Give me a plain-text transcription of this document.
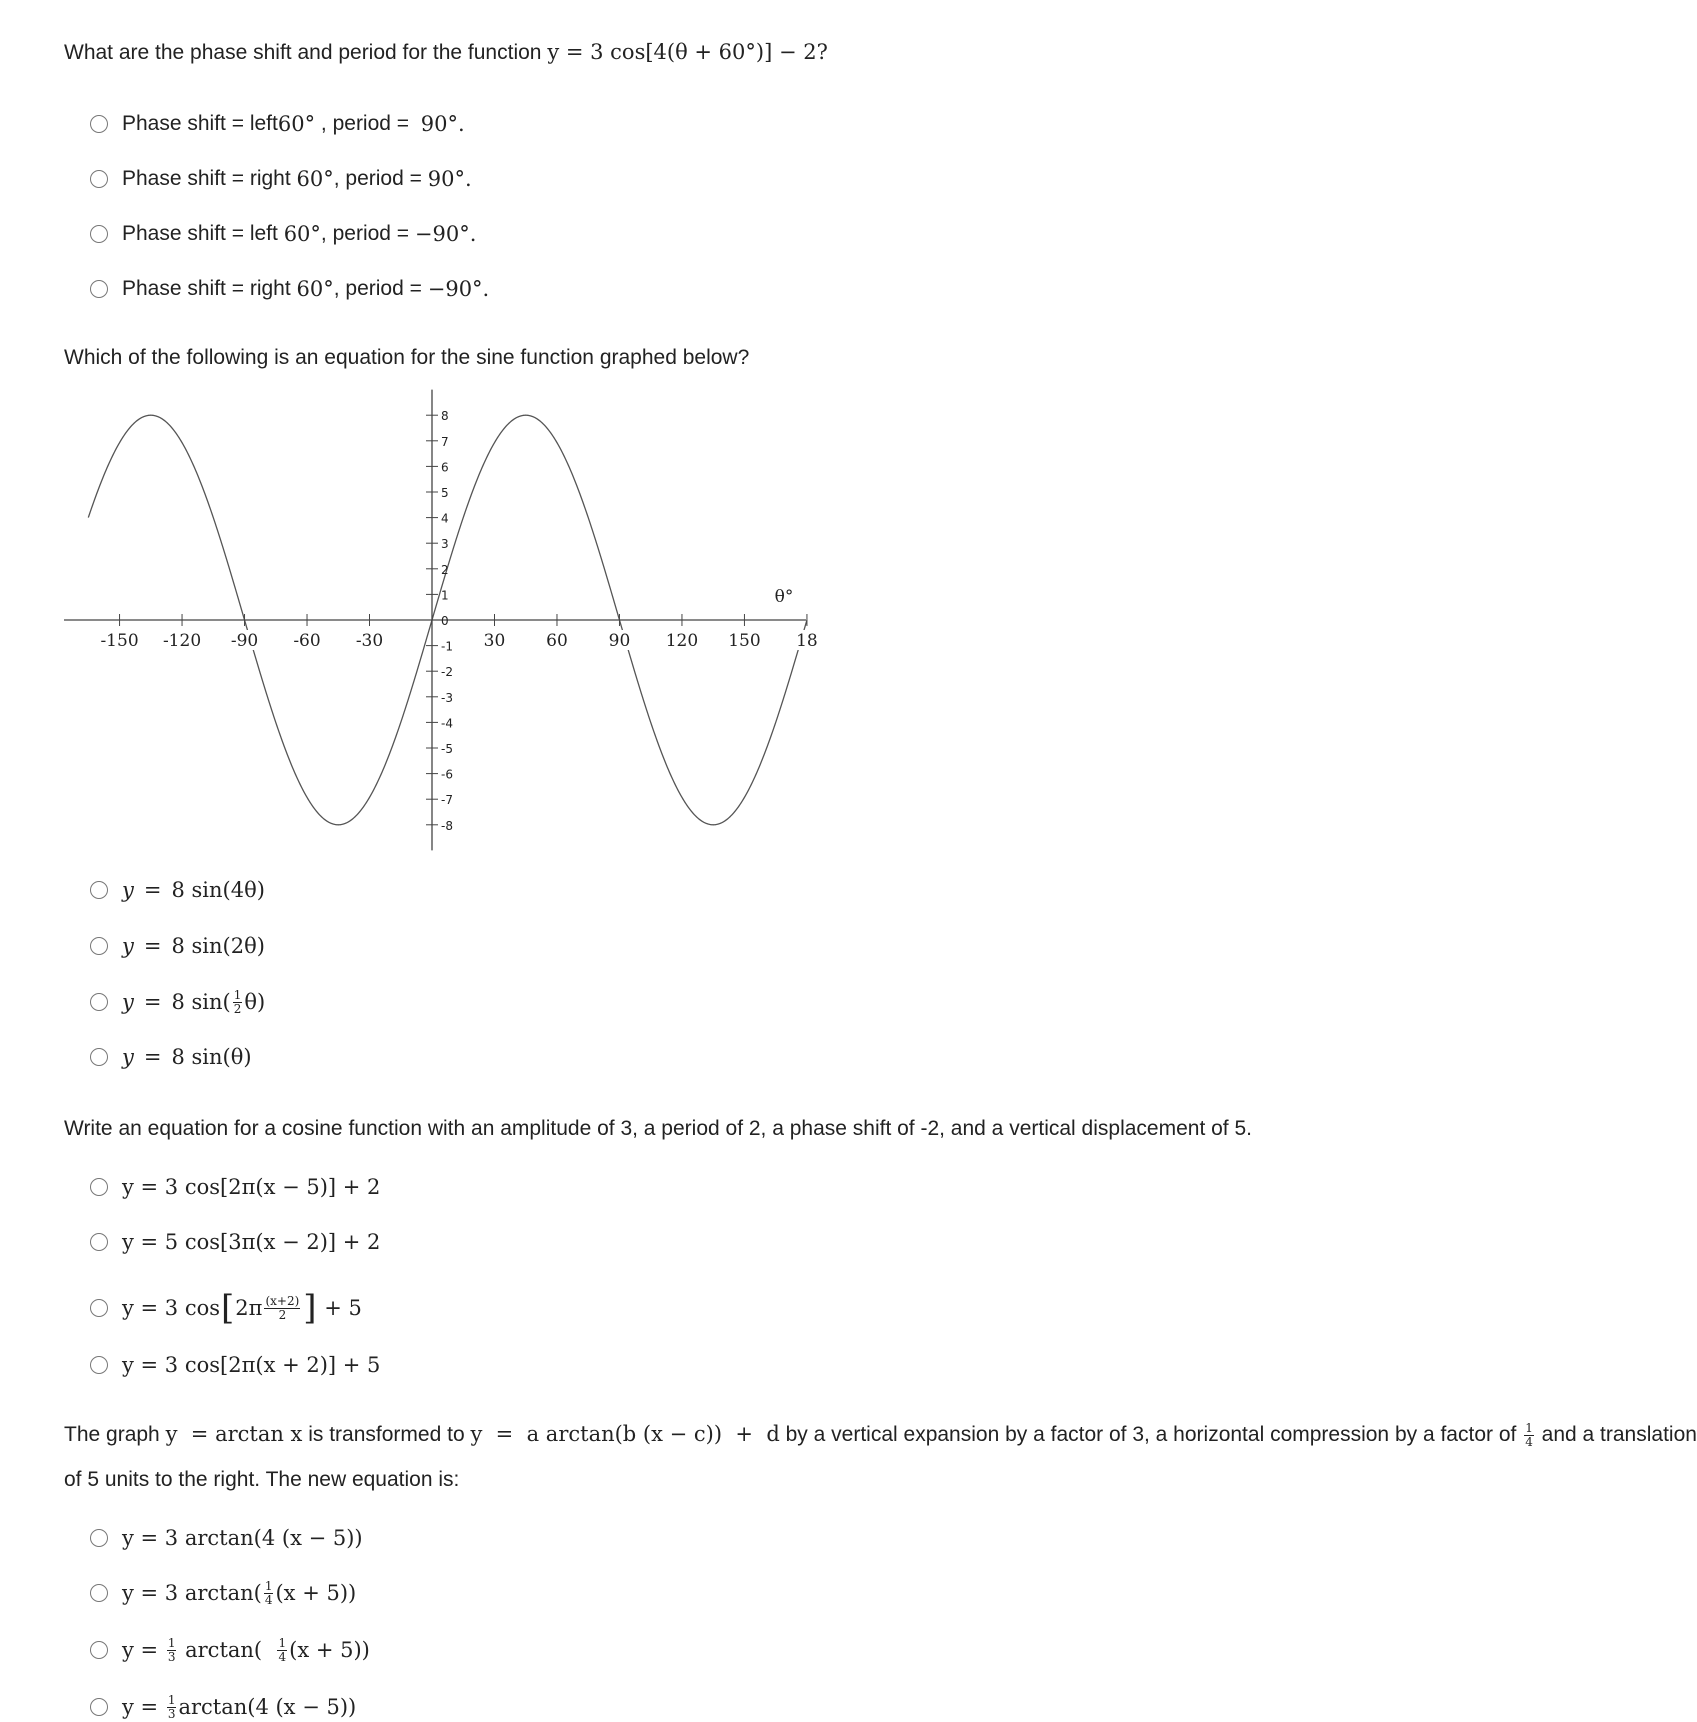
What are the phase shift and period for the function y = 3 cos[4(θ + 60°)] − 2?
Phase shift = left 60° , period = 90°.
Phase shift = right 60° , period = 90°.
Phase shift = left 60° , period = −90°.
Phase shift = right 60° , period = −90°.
Which of the following is an equation for the sine function graphed below?
-150 -120 -90 -60 -30	30 60 90 120 150 18
-8
-7
-6
-5
-4
-3
-2
-1
0
1
2
3
4
5
6
7
8
θ°
y = 8 sin(4θ)
y = 8 sin(2θ)
y = 8 $\sin( \frac{1}{2} \theta)$
y = 8 sin(θ)
Write an equation for a cosine function with an amplitude of 3, a period of 2, a phase shift of -2, and a vertical displacement of 5.
y = 3 cos[2π(x − 5)] + 2
y = 5 cos[3π(x − 2)] + 2
y = 3 cos [ $2\pi \frac{(x+2)}{2}$ ] + 5
y = 3 cos[2π(x + 2)] + 5
The graph y  = arctan x is transformed to y  =  a arctan(b (x − c))  +  d by a vertical expansion by a factor of 3, a horizontal compression by a factor of $\frac{1}{4}$ and a translation
of 5 units to the right. The new equation is:
y = 3 arctan(4 (x − 5))
y = 3 $\arctan( \frac{1}{4} (x + 5))$
$y = \frac{1}{3} \arctan( \frac{1}{4} (x + 5))$
$y = \frac{1}{3} \arctan(4$ (x − 5))
